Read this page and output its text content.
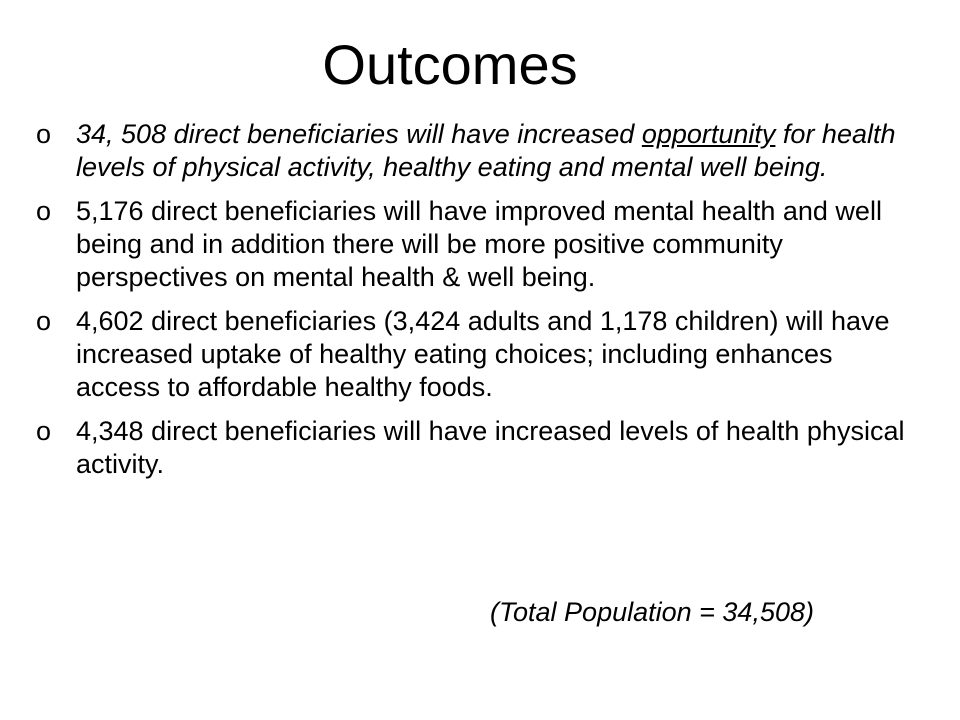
Outcomes
o 34, 508 direct beneficiaries will have increased opportunity for health levels of physical activity, healthy eating and mental well being.
o 5,176 direct beneficiaries will have improved mental health and well being and in addition there will be more positive community perspectives on mental health & well being.
o 4,602 direct beneficiaries (3,424 adults and 1,178 children) will have increased uptake of healthy eating choices; including enhances access to affordable healthy foods.
o 4,348 direct beneficiaries will have increased levels of health physical activity.

(Total Population = 34,508)
